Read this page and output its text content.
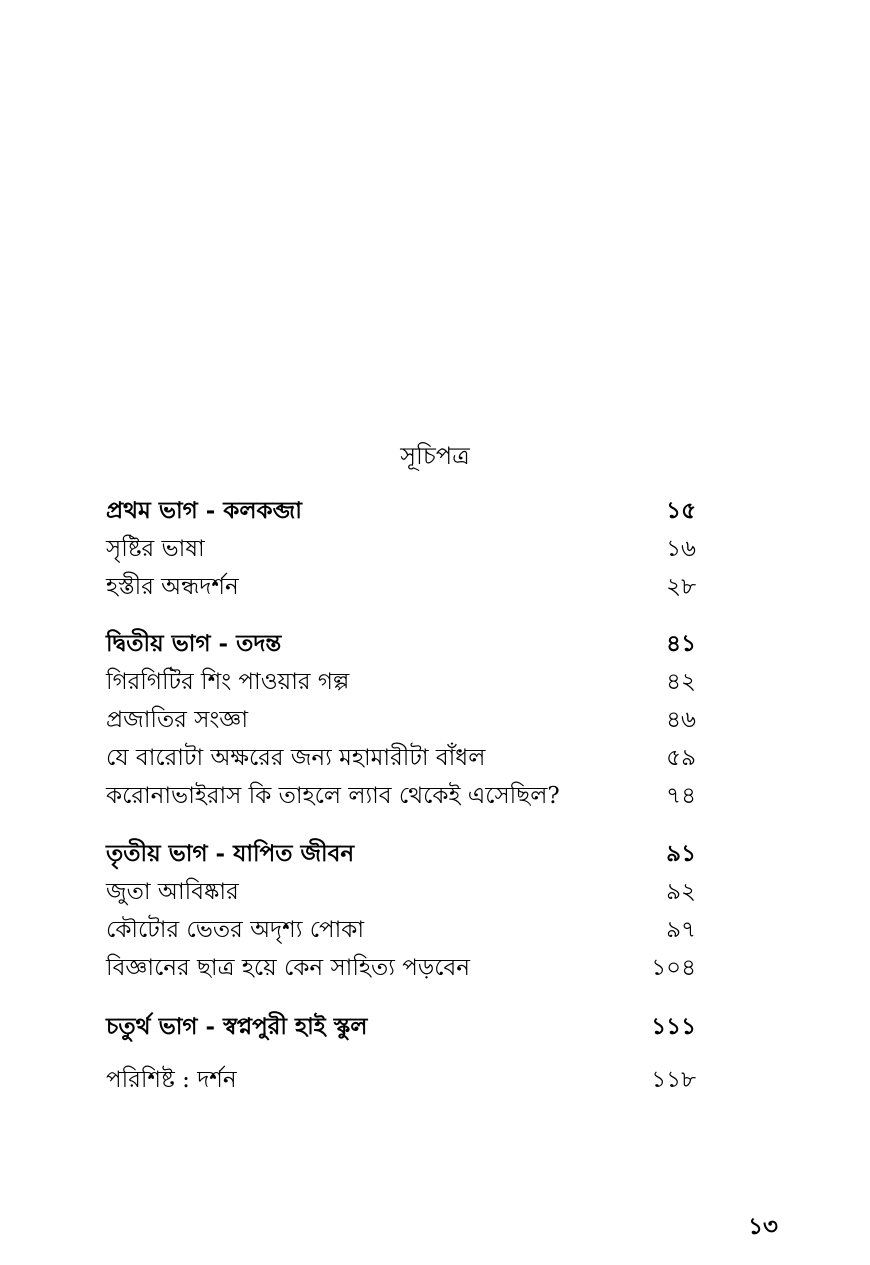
সূচিপত্র
প্রথম ভাগ - কলকব্জা	১৫
সৃষ্টির ভাষা	১৬
হস্তীর অন্ধদর্শন	২৮
দ্বিতীয় ভাগ - তদন্ত	৪১
গিরগিটির শিং পাওয়ার গল্প	৪২
প্রজাতির সংজ্ঞা	৪৬
যে বারোটা অক্ষরের জন্য মহামারীটা বাঁধল	৫৯
করোনাভাইরাস কি তাহলে ল্যাব থেকেই এসেছিল?	৭৪
তৃতীয় ভাগ - যাপিত জীবন	৯১
জুতা আবিষ্কার	৯২
কৌটোর ভেতর অদৃশ্য পোকা	৯৭
বিজ্ঞানের ছাত্র হয়ে কেন সাহিত্য পড়বেন	১০৪
চতুর্থ ভাগ - স্বপ্নপুরী হাই স্কুল	১১১
পরিশিষ্ট : দর্শন	১১৮
১৩
